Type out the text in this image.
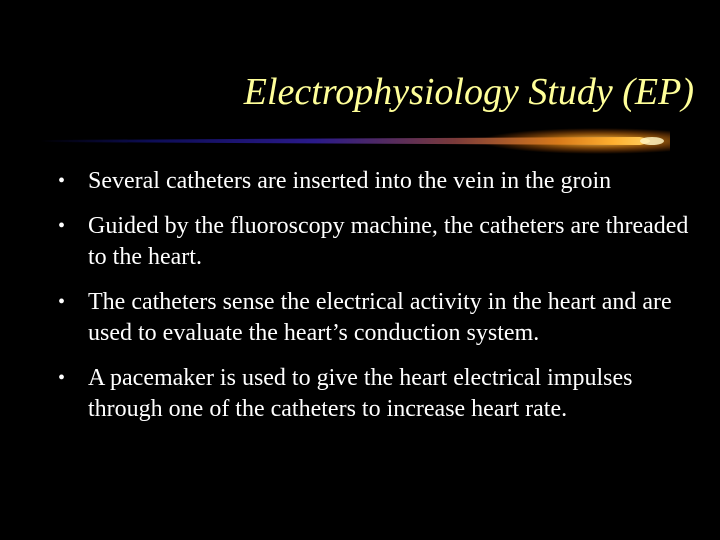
Electrophysiology Study (EP)
• Several catheters are inserted into the vein in the groin
• Guided by the fluoroscopy machine, the catheters are threaded to the heart.
• The catheters sense the electrical activity in the heart and are used to evaluate the heart’s conduction system.
• A pacemaker is used to give the heart electrical impulses through one of the catheters to increase heart rate.
